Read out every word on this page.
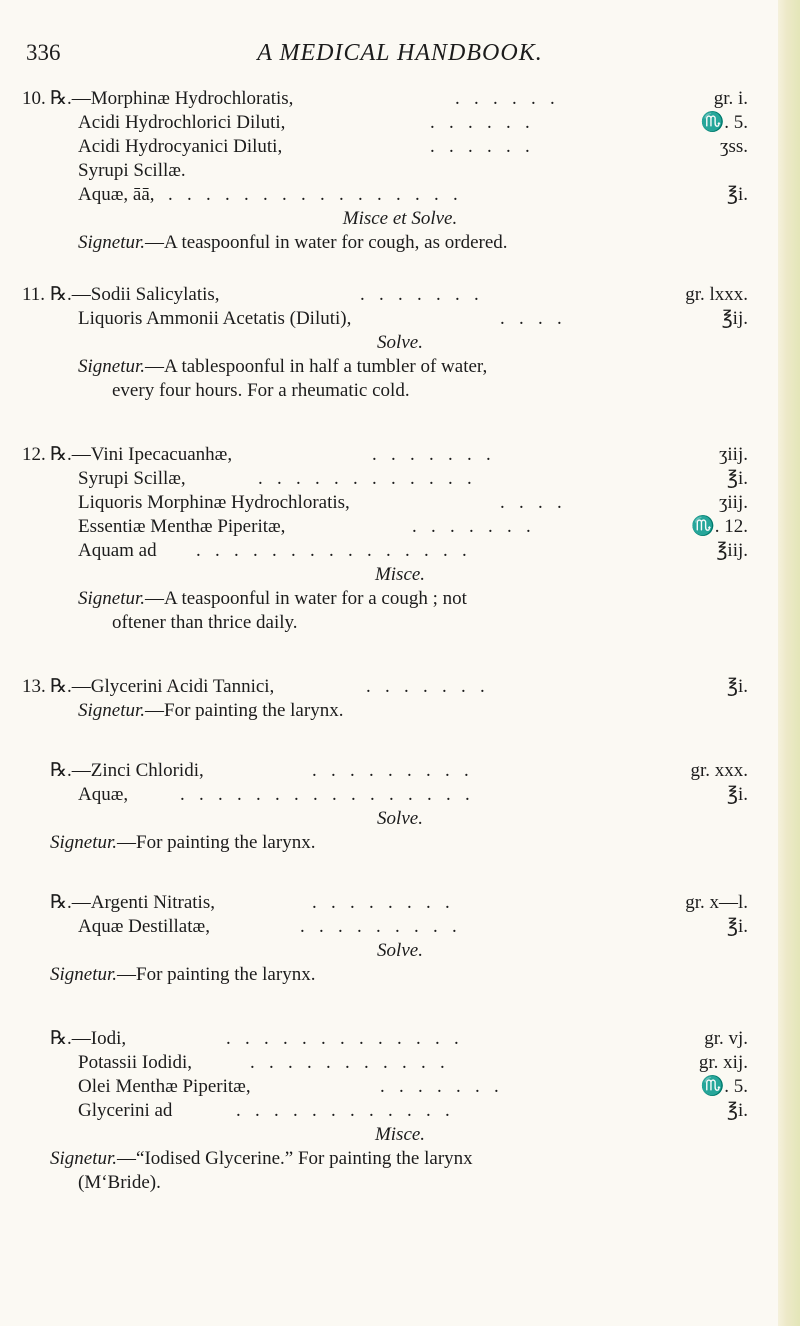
336	A MEDICAL HANDBOOK.
10. ℞.—Morphinæ Hydrochloratis,	.   .   .   .   .   .	gr. i.
Acidi Hydrochlorici Diluti,	.   .   .   .   .   .	♏. 5.
Acidi Hydrocyanici Diluti,	.   .   .   .   .   .	ʒss.
Syrupi Scillæ.
Aquæ, āā, .   .   .   .   .   .   .   .   .   .   .   .   .   .   .   .	℥i.
Misce et Solve.
Signetur.—A teaspoonful in water for cough, as ordered.
11. ℞.—Sodii Salicylatis,	.   .   .   .   .   .   .	gr. lxxx.
Liquoris Ammonii Acetatis (Diluti),	.   .   .   .	℥ij.
Solve.
Signetur.—A tablespoonful in half a tumbler of water,
every four hours. For a rheumatic cold.
12. ℞.—Vini Ipecacuanhæ,	.   .   .   .   .   .   .	ʒiij.
Syrupi Scillæ,	.   .   .   .   .   .   .   .   .   .   .   .	℥i.
Liquoris Morphinæ Hydrochloratis,	.   .   .   .	ʒiij.
Essentiæ Menthæ Piperitæ,	.   .   .   .   .   .   .	♏. 12.
Aquam ad .   .   .   .   .   .   .   .   .   .   .   .   .   .   .	℥iij.
Misce.
Signetur.—A teaspoonful in water for a cough ; not
oftener than thrice daily.
13. ℞.—Glycerini Acidi Tannici,	.   .   .   .   .   .   .	℥i.
Signetur.—For painting the larynx.
℞.—Zinci Chloridi,	.   .   .   .   .   .   .   .   .	gr. xxx.
Aquæ,	.   .   .   .   .   .   .   .   .   .   .   .   .   .   .   .	℥i.
Solve.
Signetur.—For painting the larynx.
℞.—Argenti Nitratis,	.   .   .   .   .   .   .   .	gr. x—l.
Aquæ Destillatæ,	.   .   .   .   .   .   .   .   .	℥i.
Solve.
Signetur.—For painting the larynx.
℞.—Iodi,	.   .   .   .   .   .   .   .   .   .   .   .   .	gr. vj.
Potassii Iodidi,	.   .   .   .   .   .   .   .   .   .   .	gr. xij.
Olei Menthæ Piperitæ,	.   .   .   .   .   .   .	♏. 5.
Glycerini ad	.   .   .   .   .   .   .   .   .   .   .   .	℥i.
Misce.
Signetur.—“Iodised Glycerine.” For painting the larynx
(M‘Bride).
